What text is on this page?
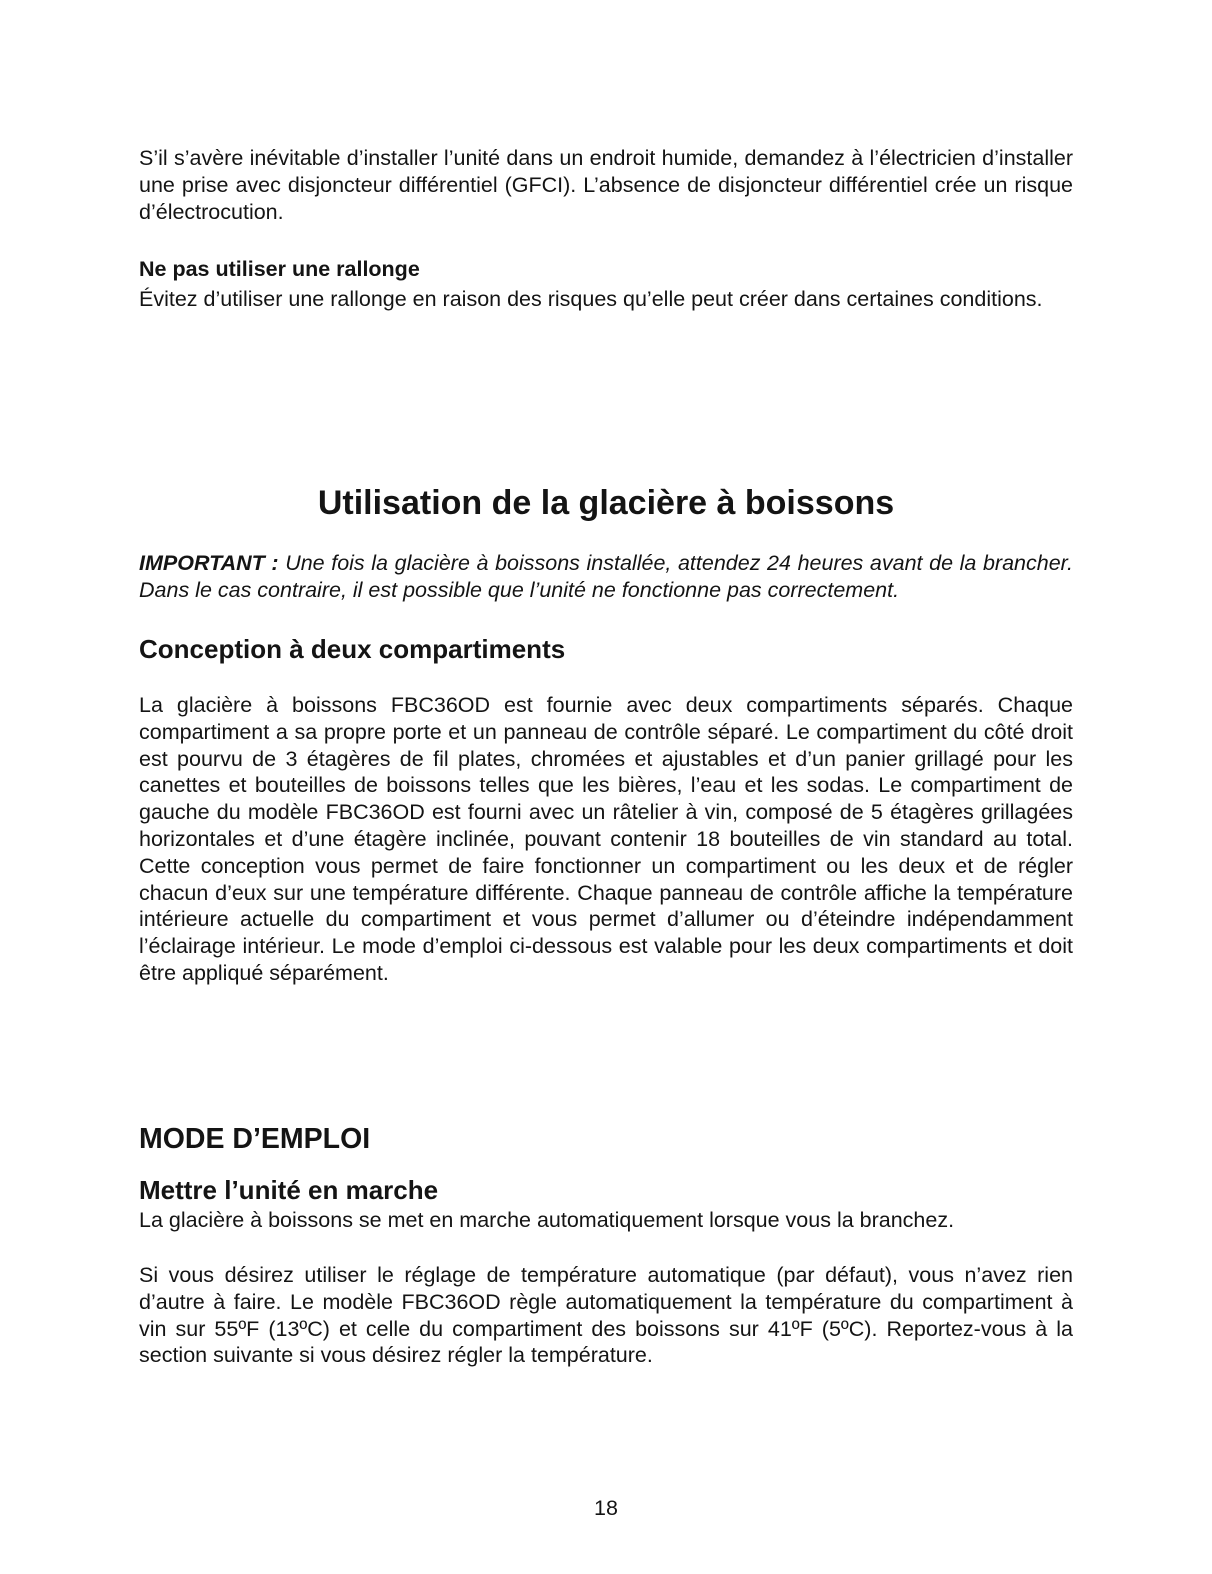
S’il s’avère inévitable d’installer l’unité dans un endroit humide, demandez à l’électricien d’installer une prise avec disjoncteur différentiel (GFCI). L’absence de disjoncteur différentiel crée un risque d’électrocution.

Ne pas utiliser une rallonge

Évitez d’utiliser une rallonge en raison des risques qu’elle peut créer dans certaines conditions.

Utilisation de la glacière à boissons

IMPORTANT : Une fois la glacière à boissons installée, attendez 24 heures avant de la brancher. Dans le cas contraire, il est possible que l’unité ne fonctionne pas correctement.

Conception à deux compartiments

La glacière à boissons FBC36OD est fournie avec deux compartiments séparés. Chaque compartiment a sa propre porte et un panneau de contrôle séparé. Le compartiment du côté droit est pourvu de 3 étagères de fil plates, chromées et ajustables et d’un panier grillagé pour les canettes et bouteilles de boissons telles que les bières, l’eau et les sodas. Le compartiment de gauche du modèle FBC36OD est fourni avec un râtelier à vin, composé de 5 étagères grillagées horizontales et d’une étagère inclinée, pouvant contenir 18 bouteilles de vin standard au total. Cette conception vous permet de faire fonctionner un compartiment ou les deux et de régler chacun d’eux sur une température différente. Chaque panneau de contrôle affiche la température intérieure actuelle du compartiment et vous permet d’allumer ou d’éteindre indépendamment l’éclairage intérieur. Le mode d’emploi ci-dessous est valable pour les deux compartiments et doit être appliqué séparément.

MODE D’EMPLOI
Mettre l’unité en marche

La glacière à boissons se met en marche automatiquement lorsque vous la branchez.

Si vous désirez utiliser le réglage de température automatique (par défaut), vous n’avez rien d’autre à faire. Le modèle FBC36OD règle automatiquement la température du compartiment à vin sur 55ºF (13ºC) et celle du compartiment des boissons sur 41ºF (5ºC). Reportez-vous à la section suivante si vous désirez régler la température.

18
